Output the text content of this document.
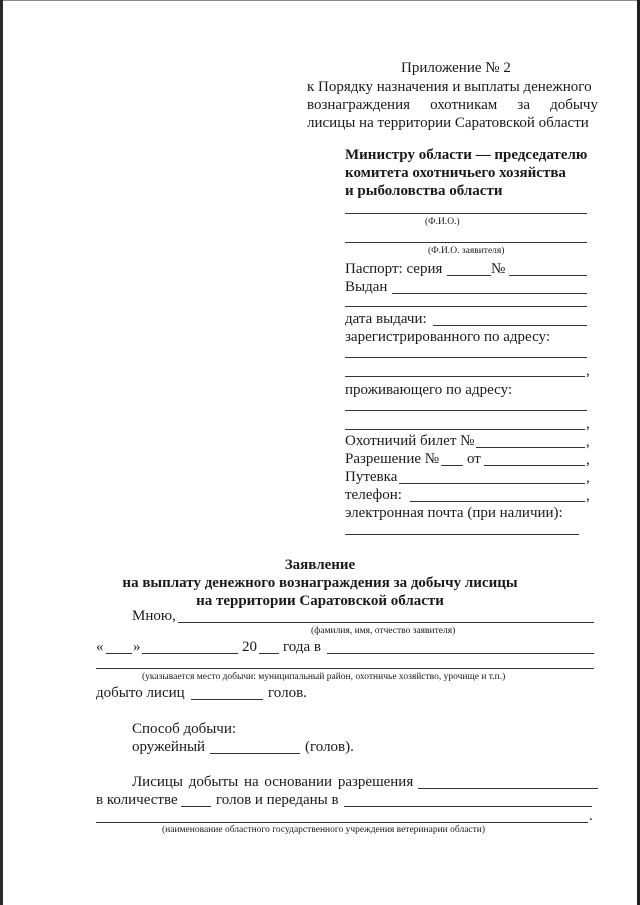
Приложение № 2
к Порядку назначения и выплаты денежного
вознаграждения охотникам за добычу
лисицы на территории Саратовской области
Министру области — председателю
комитета охотничьего хозяйства
и рыболовства области
(Ф.И.О.)
(Ф.И.О. заявителя)
Паспорт: серия	№
Выдан
дата выдачи:
зарегистрированного по адресу:
,
проживающего по адресу:
,
Охотничий билет №	,
Разрешение № от	,
Путевка	,
телефон:	,
электронная почта (при наличии):
Заявление
на выплату денежного вознаграждения за добычу лисицы
на территории Саратовской области
Мною,
(фамилия, имя, отчество заявителя)
« »	20 года в
(указывается место добычи: муниципальный район, охотничье хозяйство, урочище и т.п.)
добыто лисиц	голов.
Способ добычи:
оружейный	(голов).
Лисицы добыты на основании разрешения
в количестве	голов и переданы в
.
(наименование областного государственного учреждения ветеринарии области)
